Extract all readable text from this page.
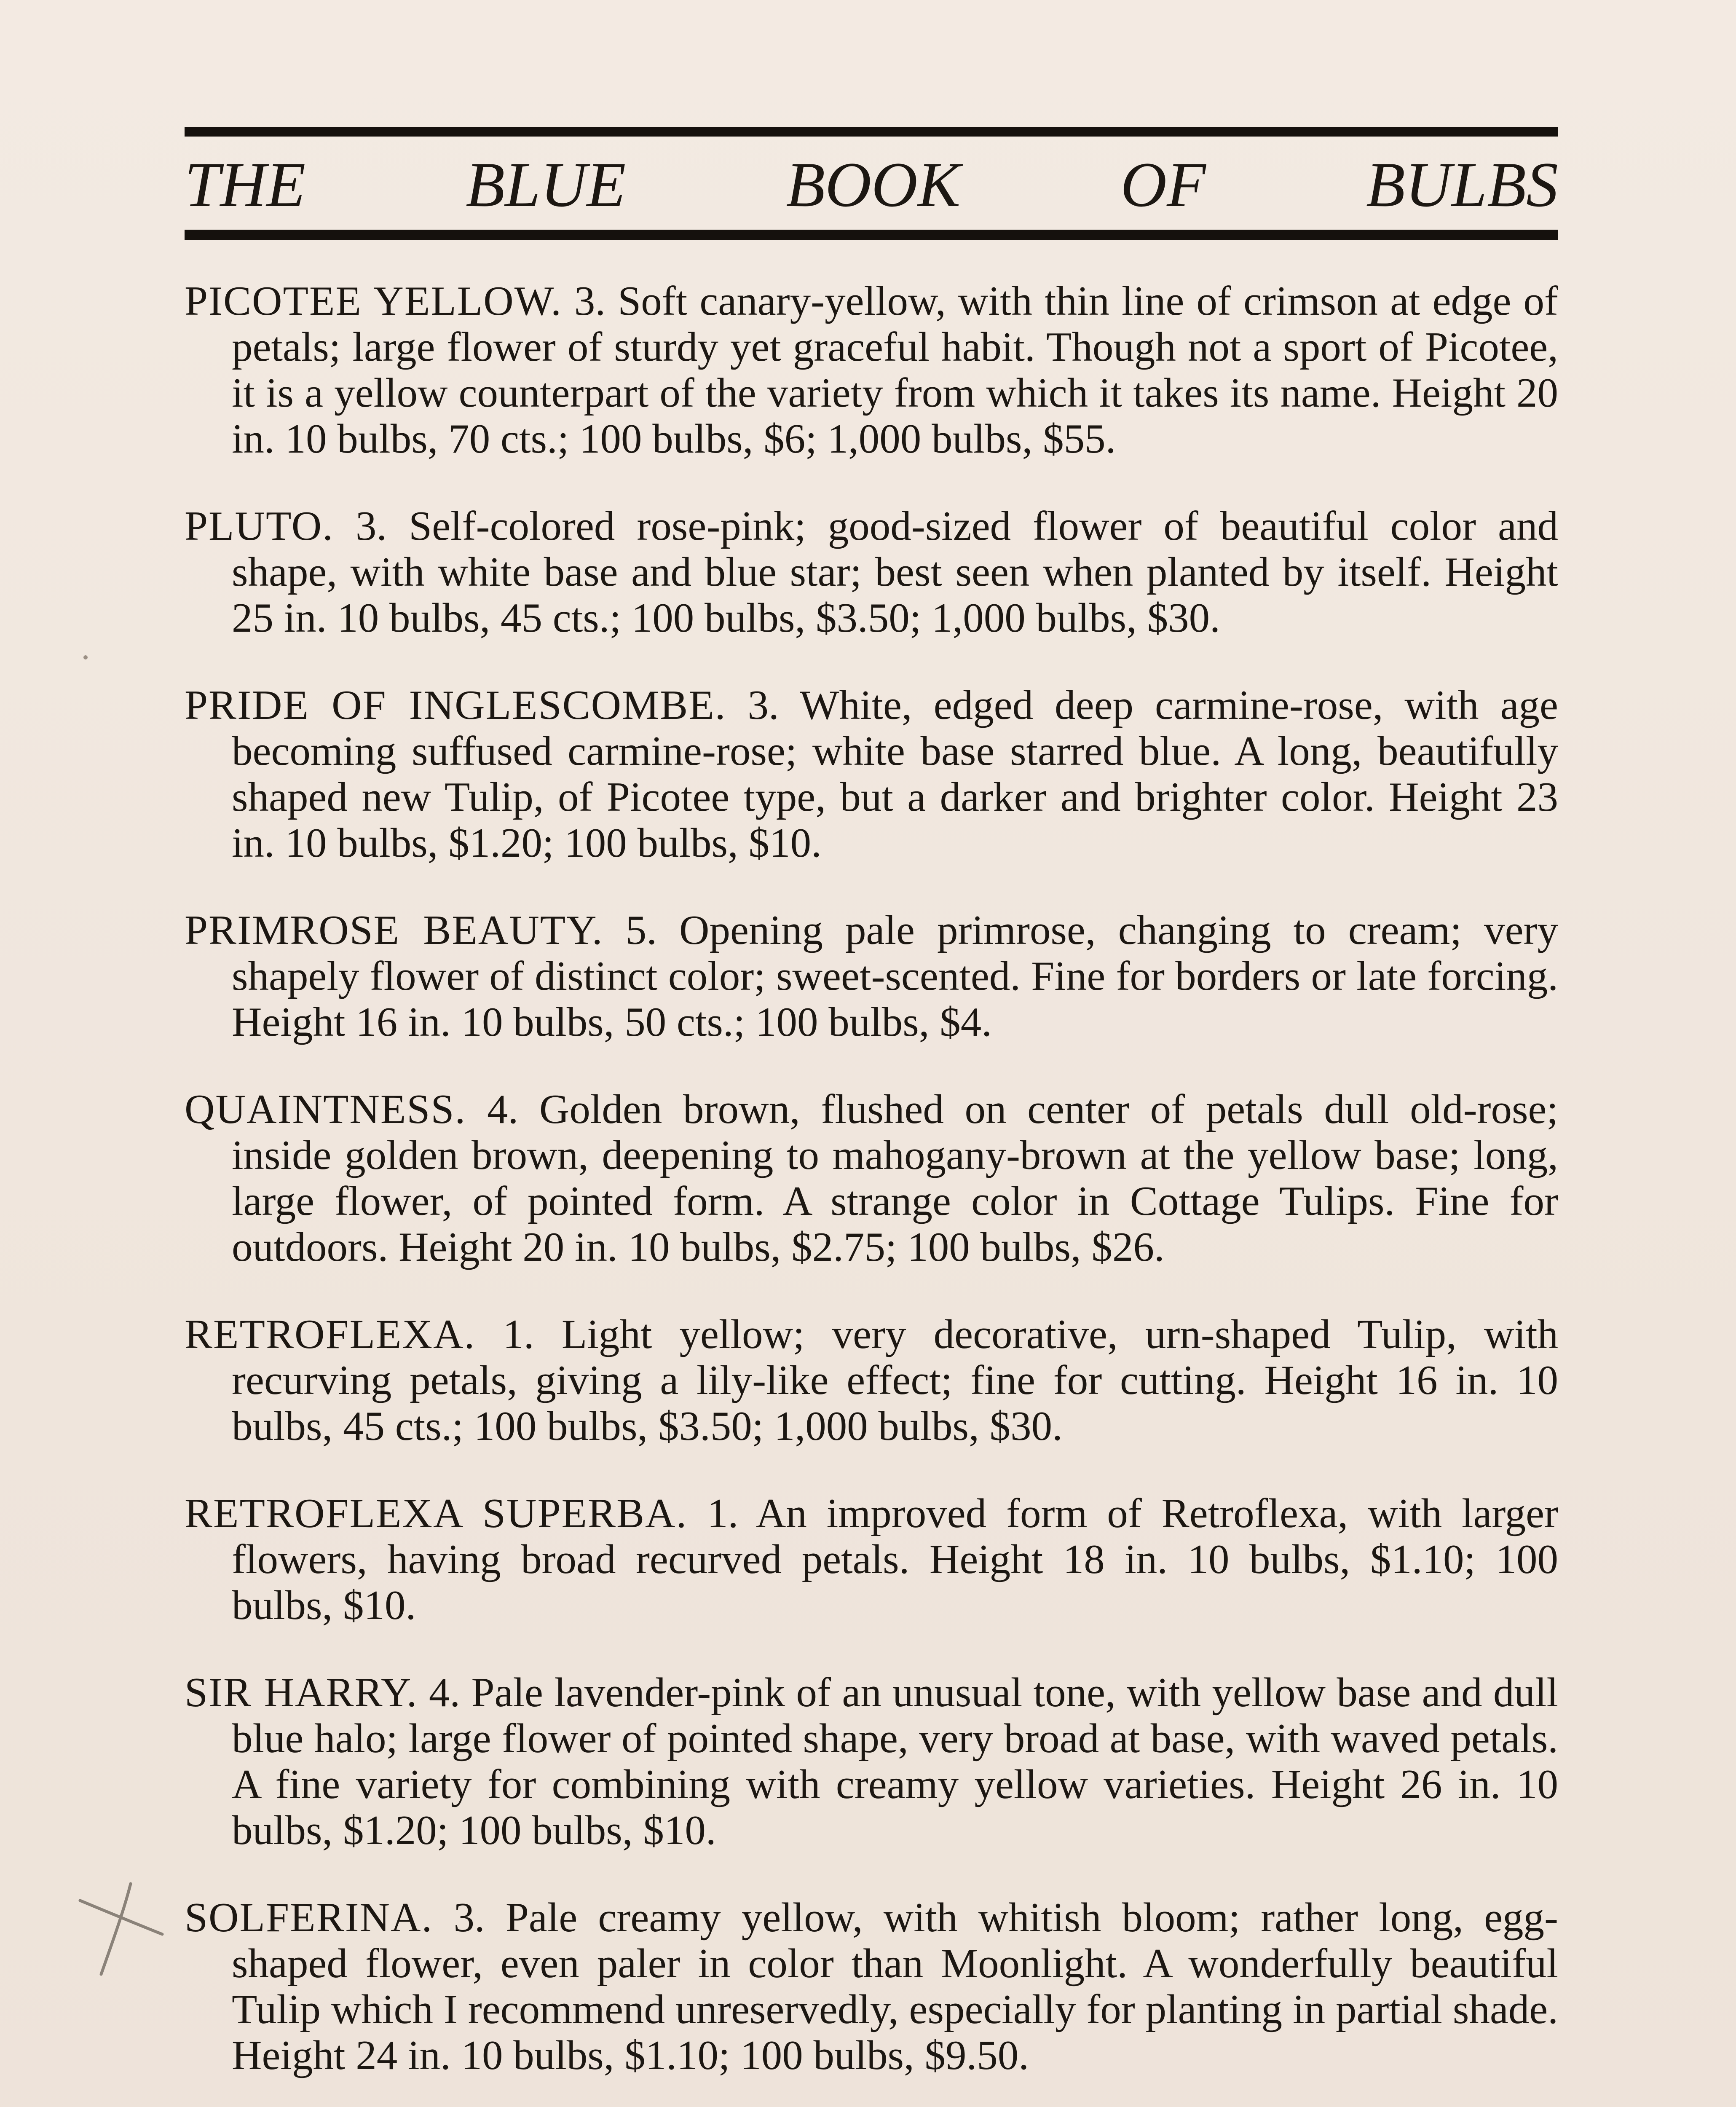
THE	BLUE	BOOK	OF	BULBS

PICOTEE YELLOW. 3. Soft canary-yellow, with thin line of crimson at edge of petals; large flower of sturdy yet graceful habit. Though not a sport of Picotee, it is a yellow counterpart of the variety from which it takes its name. Height 20 in. 10 bulbs, 70 cts.; 100 bulbs, $6; 1,000 bulbs, $55.

PLUTO. 3. Self-colored rose-pink; good-sized flower of beautiful color and shape, with white base and blue star; best seen when planted by itself. Height 25 in. 10 bulbs, 45 cts.; 100 bulbs, $3.50; 1,000 bulbs, $30.

PRIDE OF INGLESCOMBE. 3. White, edged deep carmine-rose, with age becoming suffused carmine-rose; white base starred blue. A long, beautifully shaped new Tulip, of Picotee type, but a darker and brighter color. Height 23 in. 10 bulbs, $1.20; 100 bulbs, $10.

PRIMROSE BEAUTY. 5. Opening pale primrose, changing to cream; very shapely flower of distinct color; sweet-scented. Fine for borders or late forcing. Height 16 in. 10 bulbs, 50 cts.; 100 bulbs, $4.

QUAINTNESS. 4. Golden brown, flushed on center of petals dull old-rose; inside golden brown, deepening to mahogany-brown at the yellow base; long, large flower, of pointed form. A strange color in Cottage Tulips. Fine for outdoors. Height 20 in. 10 bulbs, $2.75; 100 bulbs, $26.

RETROFLEXA. 1. Light yellow; very decorative, urn-shaped Tulip, with recurving petals, giving a lily-like effect; fine for cutting. Height 16 in. 10 bulbs, 45 cts.; 100 bulbs, $3.50; 1,000 bulbs, $30.

RETROFLEXA SUPERBA. 1. An improved form of Retroflexa, with larger flowers, having broad recurved petals. Height 18 in. 10 bulbs, $1.10; 100 bulbs, $10.

SIR HARRY. 4. Pale lavender-pink of an unusual tone, with yellow base and dull blue halo; large flower of pointed shape, very broad at base, with waved petals. A fine variety for combining with creamy yellow varieties. Height 26 in. 10 bulbs, $1.20; 100 bulbs, $10.

SOLFERINA. 3. Pale creamy yellow, with whitish bloom; rather long, egg-shaped flower, even paler in color than Moonlight. A wonderfully beautiful Tulip which I recommend unreservedly, especially for planting in partial shade. Height 24 in. 10 bulbs, $1.10; 100 bulbs, $9.50.
